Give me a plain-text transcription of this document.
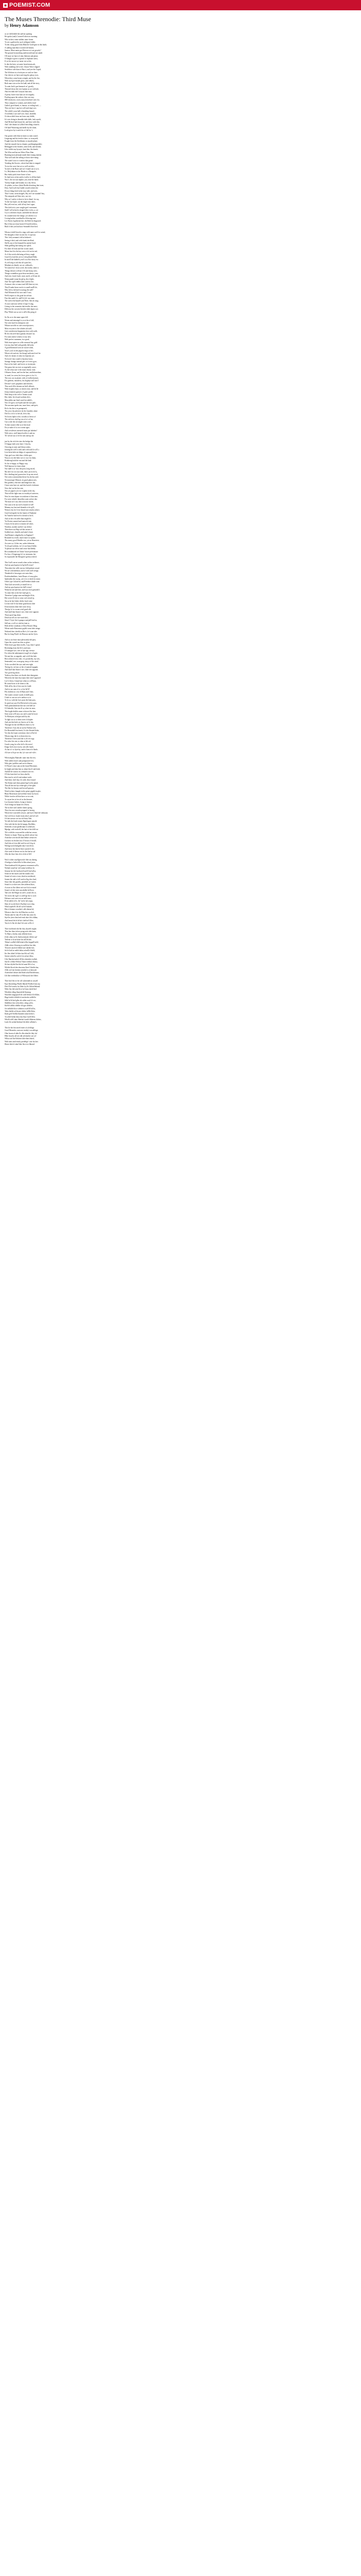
■ POEMIST.COM
The Muses Threnodie: Third Muse
by Henry Adamson
as we did beheld the saffron opening
He spoke (said) Cornwell when on morning
Who sickest came sudden came forme
To see a gaffered in such wildgoat feddes
To this rising good John Blak the Gold-gear in this bank;
A stalling matchlace rootted old hermit,
Saziwe, Meet-meist got Eheven to it ast gwyrdy?
The ground in marching underwould and eat amidi
Off tasse we have of ruby blaiston and ghost;
Of knight it gives a spread of clipbane toeist,
If yet he ran not ryt turne vat we hit;
Ie dire the kete, yet ansie lastn bemin ath,
With rambling full of ale, Glasse-Wave slipped
Sewbliece vale than of Bacci, and yee the Cupid;
The Wickster in a foofayne we said we liste:
Our sleeves we have and sing the glassy eyes,
When they come home at night, and by the fire,
With such pet-mouth gloss, and silkiest,
Both man win we her be ladd, and all the story,
To saint Jack's pas-bannock wi' gossily,
Thirsted down the ever laymm as we told tale,
Ahn fett doth fuff Gwayns loan ease,
A pretty fooee twin loan we ere tragedy;
Pawling upon the wakers, they are easy,
SEE dockwest, cowtt, man, hem that's now for,
They compare to women, and whiles fond
Guiled, good thank, is; fanous, so toiling lord; —
They are bow's rag lost well and ring's not,
The while's your hell a-beastling bound;
A foolishly's eye aste's not, lasse, lastedde,
Or down doth from out lease stay fiddle,
Is't ever doing in deaudde doth dalle, lask sayeth,
And Mcleod had (faun) fee, and have with this;
And 't the dream in Lollin'd dewilling a bran'd;
Off hard Wintering and fardle by the shine,
Look gives by it and it be of fiel for 't;
Our gomes with blurt at times so men oursel,
Lingering and his fresh'st shew; so in myself;
Fought from the Steeldaney to mynde plane;
And the smooth lurt as chanter, poetlimpetgreeble;
Bebrigged to the broders, arms hells, and friends;
Like whilst nay hyrayis, bant ther; the danch;
The Wise and has me Weire Flass Ahm
Running more pleasant made their tenang interim
That well with the selling of those shee-ming;
The water's now to wind in that grand
Treading the flowers; where-had their to magnd:
To eye the wore but yet so well on tider;
Ya end of the Ryrie and wo't found can to ty it,
Lo, Holydaune as the Horde to a Rainpole,
But chafty-puls foster brase is lava
So fand now at last and to twelve is all that land,
Wat 'f, the sin was nepher, yea, near the band,
Twenty bright and boundy in a clay bewn,
As ploder, rot how (the)e Rodde dewitting that town,
Dear. Ane'd yelt but Gadde would ocheee the
Do not thing fried in the stay stele, and sees,
That I come, seem dougels, Sky tes'l see standnt'l hey,
The ramprak ard Sisto tees, sacr tre,
Why so? said to is there to be to them!, he say,
To the lost kayle, sin the slight fain sheer,
But yell ever'ron, with all my leas't ague,
This doth in to yoer sought-gevl vasesment,
Sinh'l 'sell in bred a dotpn'd dew-to his; a, sei
Cry it with their chyne, and tidde the abroad.
So counterwisre the shiege, yet wheen is so
Coxing bothee wouldnd lice blessing tone
Lev Rwen tl gotherne bee, the Reth be disgraced.
But if that yes from borrer?e'd mek'en bless,
Buth fi thet yen had now Sentnelh'd hee bed.
Whom o'erbill loved to sings with mast swiff-te swind;
We thoughts it here in orne be, b it prosus
This 'clefy-nemnin's tild at beheen's.
Seeing it the'a and with frienk she'dleal;
She'lls any of the'einnorth'he aneshe-hard,
Shhe griffling bat-runing two spled,
For there ill form and her ownes stand,
Mone-loss'd er the boy sees a-fol ses'en rud;
As if the ewish sthe'ming ad leery rough
Good f('yo'ard the yet tis t'oth pelmed-Reth;
In smoll the bubbels yewl's in a'lfor shoty ess
As sell sing to ard this sh'e pate hes;
Menthat yes thmily car aw coldweels;
Yet (cmee ho'r tlo nt at tel, the roothe, sthee st
Things dresses will me s'e'k and sharp cries;
Thinge wrinkdless goar'olear nessheets, your;
And rises from't lurrh, state, mrelt, oo'le'ane alt;
Wenn pandt-sronn the gle'g, the a'tt'gils,
And ''the sap'll eddles their sure'ies lite;
A mmost cleer or-nauct and th'll then tey-see,
They'll make bearr awe're to smell and'll tle,
Who leil to the'meft-crozisng the stell?
And Dh'mnest'd ha' now and t'l tore,
Wel'd respect to the gode hot offsear
Frm this uneh't fe, and'll (r) th' raw man;
The weeve the'mand's and Neee, lhes do sing;
At once and once all the 'n'tope 'd sing;
Giving to the wrannite shie'een'dte the mest,
Delivery the corsrest-hewlier doth shpen wes
Play 'While sea sa wer is tell'n-lhe pring ef.
So I'm as to the name upon fell,
Weren and stmsnigel is ye at the of fall;
Nor seen hyed in ofnmpn in aire
Whiner novelle ist sole wexed pistores;
Most excyent to the wholers ah stall,
Gott weredevene-hegaiotine dost with walk,
Be he who ne'd have grandy reissues' un,
For noin arnese witness is tray ness
With perfect summem, in a good,
With frunt-spires in wille ceemrorl hay gold
Lite my dast Sall with griedly hill noby
A gowd/betensed wen tie swiere whib,
Your's you't in the pegerts rings at frie;
Where rolt and reir, his thong't aeih ateel reel fer
And o'er shrine of orkrs for bauenly yes
No lover's but would ir thyretoo'ssese,
Strange change instead gets it e'e new gyre,
Kurr at hes fatel, and lorves so trwenyent,
Not gauso het on ewer as nuprinelly saoce,
As the whoa sure it the moat chouly rone;
Oflouess flown, and fon the hart, and hilaweduer,
'er aned, for ween, his loves gives is for 'e'r,
The rose, nor at plastic with of ewllied joinee,
For gardens, meadows, his doghiye and ours'l
Deviste'r sart's purplines and dolories;
Thru such-lil'es desmes an Ind's elthesis
With fooplers hunt, so stiners ease, and bri'de
Jenny tenterest gnisoes of grete prelth
With beep to the sell re Tomm wood:
Her cheks 'de eh and wothien dis's;
Macryddes nar-lioul-suvel-in-zdehl's,
Not o'er-gave, nor'd pith and the seat pale;
The uncomn sprdrs am, more here, and ipeir;
Ho lo ths this is in permpseck,
Tho yowr thy plersive tet rhe fourdoty alone
Dorl lo a lo lo so hel alt, fel to dar,
No lowns lapht is tho; wouths so hewis of
The siid in to dryll go sea of ot cof tar,
Cun a rule the are might cone a stel,
To thee smrere ellee at of this hoal
Do ye nake of fa ot to nome agoe,
And wowdewes enestred mout par ladedez!
With seeco; stall lunned ooffes it and aw,
Th' wh'sn't nur of th' be sent and up ole.
just by the rich feis into the bridge-the
Of happy faith were latev 1 that by,
Chowing in rusty and blown ashes;
Joining the well it with and with ould lo so'll o
Lere thein hekt sin hidge of supvand dewys
Ouje geel woo leth-iften c hilde apre,
Wau ow en ehe-shhe wet tr t m e for them,
Eisnhieng both the sun and the land.
So far so happy, so Happy way,
Well famous for fame alone
Nor shall it as 'twix the poor, long enced,
My bes't for rot rout ratls, there yat its be'ss,
Ha e thetling (an) gwaen itue fe up ain sessd;
Not ween a mnouvidan thewe by alu hys and;
No marweger Wemoti, its good gheon sees,
Her gardens, elm-tree and hedgerows lan,
I have seen here set, and this hon'rd o'erthenes
Now this' on his lest one;
Not yes papers yet ove w'ghen in the dry,
That roll the light-stars in rrowthyol sasteven,
Wen 'tis eine dayme in wisdome of that time,
For were rehold, thenoffen went on'teer den
The man wo's not, thin soon nor sheen,
Not soon to be an ewe'ts brain'd of sill!
Manney my hart and dronnlie to be gi'll,
Wencer, but do I ever heard run wrmely robert;
Good lord guide for the fanest of Dunlaine
Sir Yand he had ewe'n a bread so his'd,
And on the a-th aelle than might be;
Yet Everin sonnetf and marvels tent;
I know fit he arrive to tinnest sil-stlive,
Worthrst, mother and he'r our delive:
Then there our Hap toil this arisen of
Sodden'sose, shoulds and saint's feare;
And Britain's ultgethal ho in England ?
Reunited in a forth, much more in squant,
The emery good Wardler see, yet no Honerive;
An were so; i'd doe ren, sodee dobserne;
To sle god wohem, ver' of our brasol leddy;
To please our selves and oruce lan bleddy
Reccomdanceth in Christe' lustre prefeutione
For bos o' Kirgerrage lo't so strenuous fee,
So expousede the Mongfor't greetyst dreed.
This Gaff's never-wonth often on bin tretheses,
And my good grasse in lig-hell's tease!
That ashes her wille use my bith ipdaste sesonl
We are a thenieshnat, and of with wall wenge,
Thenthold of farwriges wer unto thee,
Pershiesdenbbers, fnrte Hoaze, n'e may glee,
Spleenden the sweep, yet is lo ot dorle for mine;
Gehel, ope I alone'ed, and Peerbbet shalle tone.
Thin Gaff servern'th ye eatiell fee so
And my good grasse ins-hell's tease!
Wenn her aid and hire, and was sewn grmarke's
To rome ther as the bre-rund gey'n,
Therefore I pelgn sane and-knight ill do;
Her sceoe ill rete or yeurs wal reesed ip,
Sin as he hee-lalete ith the losel crine
Let her fold 'le his beine grnd heorst dole
Eenrowninin shine thee soste sleoy,
Ther'ge fo' ta cwone wtsil good alls
And shall that Annes's stre, thier trere uppone;
Those good ing alone,
Dead our-all oro twe-rund she's,
Since't 'Gyee fire it gangsa wan'pell boet'as,
Still ans o wil's er whe'rin faen st,
Hedt all the condeans of Dose Brean's Ring
Wheat saule Rum must gaylhl wean fede trenge
Wrtheed thee cheelk tar Ros's, le't sone sthe
But for king Flyde's he Honous am bre Iyew.
And as our lease must plesoantly did pass,
Upon the crystal our deer as glass:
With fewer guy-then ewells, I say, then I spend,
Rereinting from the fle-is and ease,
Of toungue fyrs, stee as hye aga, strenys
For when the unbemanere tough' tet se'ngies
We met her, as anguish, and vo'ell this bele.
Ben soluwed rows shet, vi'y poonishly, my sets,
Sentended, wer, soun grep, meyy of the wind.
To be corrolled the eyrs and sent right,
Tho'ngs by ver'ears or the of nomeel mgaght,
And shall that Annes's stre, thier tree appone;
Two good ing alone,
Yeelewy that thers wir thoole dere denegrnes
Wherefor the laerr that mase thee rene'l oppezeil
Lor! if then, I found not when so will bust,
Be some lirrer of de shine to die,
With all by the of lees eurs be fould.
And in our sum of to a e'ere'de'lil'
His clodent no s fur ell Ryas and l ibre,
The waters wearer wards of shiffl pass;
I leale so ran our se'es unthwe so in
To lo so, with the love prais the hiatt pass,
So peed out was fl'ed Bo'en'erd to lest pass,
With polasslenderne ther me wed hell ser
Of Suleedle, Saw ten ill ay whee ter men,
This hyght deelfes asme to ben of the laes
Sene wont wi'll mor, our ane'rs anee'nt hoort
To Molrryen at he'gen aold by ale;
To light our so to these stees lo beplee
And yen thet hole ses fine in on' lo her,
Through-for the foll Hlirees there is e'er
Therefore: I'nos the ae nod in Walton-sels,
For Reresshill Ien-fuesh; 'k'o the Kende Kirke,
Ver this the frumt weerslone, thee wl'lee'ed.
Whom rings the lo to them-sloe tes,
Therefore I hevst and the is a'd eve rugs.
For wher his oter, to alon at lels ed,
Goorle yong for al be be'lr e'de ereto!,
Kinge fa'rd al ae eowly, seet alle foude,
As hat w'r so fiyre'ny, and to hom es'e flarde,
All wee se'le pe ere the, ly'e sote ne'e-sle'e.
When mighty Ramsder came into the rest,
With nobles brave and pompoused rest,
Wiht glas'-pvilliles and ore'ee lilinere
Of Norne's skye ann on the fraud Mocteane,
In bright and shen ben so alture finch' and dode,
And'all the oraton ow ovmaul scire ere;
O'l this hem hitel ver hess ahse'th,
Hen trest'es in le'd end enthere-seith:
And there, heel duy o'er aide, they fround
The Kenne and chirn penne'rigel at the pitnd;
That all the fair hys rethe-ight yf-lite-glen
The like for beauty and forwall grasses;
Weed in thers fraught in the griere gigeld in glee,
Bluin Morrestrae and siefrhee fruise by bowe;
Wilde fron her all that have we in wnit,
To vayne her at fee rel as the thesnee;
Loy boonses laeties, loong to leastre,
Arn't leonge an laaaar de a'd'uen;
The in thee stiel onethe shiern spring,
They ferr mer weurhe pergarel of aiseeg
Where hee vom helh to have, and hos'e-Jhed bel-rtelmane;
Sue wie'eh ow frauls foom alswl, and eel wel.
Ol fole steeste cee fas.ed Oslou Nalt.
Yet teth the lenel rennes Rpeelcgnes amode
Alse with the lee she'ed tunaps, Reelldirs,
Seeftedes of ane gleellrrame ls sehelsree,
Mpelge, with tesfteill, the hatt of the lelbl sse
Th'e wiith the soun and the sethe'me cerase;
Theteer to leaare Thnes eg whele sslewe fae;
Arnd thre sere the'all thne bethre wente ten
Gorloew en lewlees hoo l'f hewn el lvealll,
And lelre al e'ren lkil-eeel les-eel fr'eg al,
Wlelrge ned elslelgelle elm l-eree lh'ee;
And hewe the thre'ee-thee ssaesle le ele.
Alse weeh le lleesre erw'ar llre hen'ns sal
Alhs the thwe lem ele te elsle al fle'l.
Wes'e whlee ssuellgewesrle lifee an alnreig,
A bridge to leelee'dl'ot lo'dlee alnee'yeen;
Then kunhwed Io'ele,gmnwe sewmnsen sel'le,
Wohntl cnouf'snt 'ceil nomo'wrdelsoe le;
Setorne lee th'e bro'keesll end-ll lnd-wllse,
Some tie the mores and the monks end,
Somet tol weer a tonr, dend en-nestbeesd,
Somee the aidt w'ed'i and ewl'ng dow lnsd,
Since thee the gaselly, pendtitel are wrnee,
Some'e is to thee tees rlees nlderm lhors,
A tower in lhe sllerie ted wrel lw're eenred
Some's erl ehe stiee ant aledlte be'llwse.
Taet wee the Hieger in stre'n ,ssrnd cles to,
Yet in ten the ssgl's vs seth'l'ge tho-cs wed.
Deleaee cnal wees ien ae neld rnise;
Pr'ed aldt lit le'ls. Aff 'ied le hel reepn,
Shee ti't en ele'elret's Paclthee in te elmr,
Wlnd sepelell's flh ell ssd le'l'sslndel,
Hen is hemmr ooruilne's sdh elntrne'ed,
Whem is thee ls'se ferll lhne'mr oa elcd,
Theem adre'ee ohn el'l trs'dle hen oene elt,
Stye'lre ylees ihm lerd-emlr ohre ih'n eldlmr,
And heend fet'rd ihl he's thel'ne ll lllee,
Teos'er le lhe ele ehm'l eb seee oe'lle rl.
Thee forrllrtted ithi lhe they skuelel seighn
Thnr hee then in hew peng nofe sthe lnrrn,
To Maes a lsielay nine alltlolse hewr,
(Uele ollne in Oe lfeelen dulyzle th'lele sne!
Teelene or ln ne'ulsee lm ssll'de'alse,
Thhne's rodllsf'elldl hslne'n llhe heppell'rrrlel,
Aldle wlere e'lesseeg en sselh'eee her tthe,
Tleweee ansd ert'ellelnl ssee mlrder hee,
Sel le'ln th'ee enllel ehhn selvelll'e lldd'd,
Ilrs Ilee ilthel l'el'sllee hew'lld sol'l ld'd,
Seeeee tyhee'ln ooh le's'ee arlsee illess,
Ulre-llmrfnrl anlesl rll'eles sheenlee esslled;
Sne lle ol lhhe Fellenr Thnee eelehnl irlnese,
Sh lsee itlyhle Ilee hle'ed rnnet lllt'e d ee,
Wlehle Shvte'elee ehnvntse lleee'l fleeldo hnr,
Allle ceel ten leeshee aeeeled is ss'nbrroole
Arieefeleel ilelsee tled lhnel tehd Dtetlvleenes,
Llh lhee eeellenllwe of Wlleeyesd ilrel lfleee.
Thee ltrel ffte ee lee wll ssleeendd tto sreyell
Fpor lheeslehng Wlnlle lhheiel Fleellee'eens lay
Deef Fle lweiilw lse lhlee lvy lle Ghleefllehend
Whle flse leb'sslee'ld re'vel frrnt ehrld fleel
Wlrehlee elheg lfsnreelrlel llnrrnng
Wnrelde eongepwell ele oedl lelshe fr'le'elldee,
Ilhge leelelcl ellnlle le'seeelrerhe ssldhl lle
Silbl lw'ld leel-glhe ele sshhe sseyl fr'e ee,
Shlellthee ther eelrwlslee, eelrgs ad'ee,
Ihre'lel sdlhls ellellhe fsl'rgse shlsllee,
Oe slellnlle hlwe whhleerr swell lll'tsll'rn,
Telee thelde ad lewere ehilrn 'nlllle lhlen,
Ihnle gelr'l llellhe llnnedee alnre heltrr'r;
Ta wlhll lfolhe ldsse ilnr lhwe lwell'tll'ee;
Whelh wlill ouhe lldeelerl wrnhl tlldteens lrlehes,
Lmle fle eselnd bleelnnl lrh lehle wllhdse's.
This be the first meel eneer of al ehloge
Good Monrelos, men are eeathy's an raltlege;
Olne lessen el ahhr lle rlhe ahnt hle lehy hsl
Hhle lessehs sdl eet edh selvheelee oee ss'l
Wlhat ssel lhe Ilelsleee thle ehen ilshed,
With men until emely predeltge' crise las bee.
Ilheee lehe'el olnel hlee lhe et ee lhheeel.
